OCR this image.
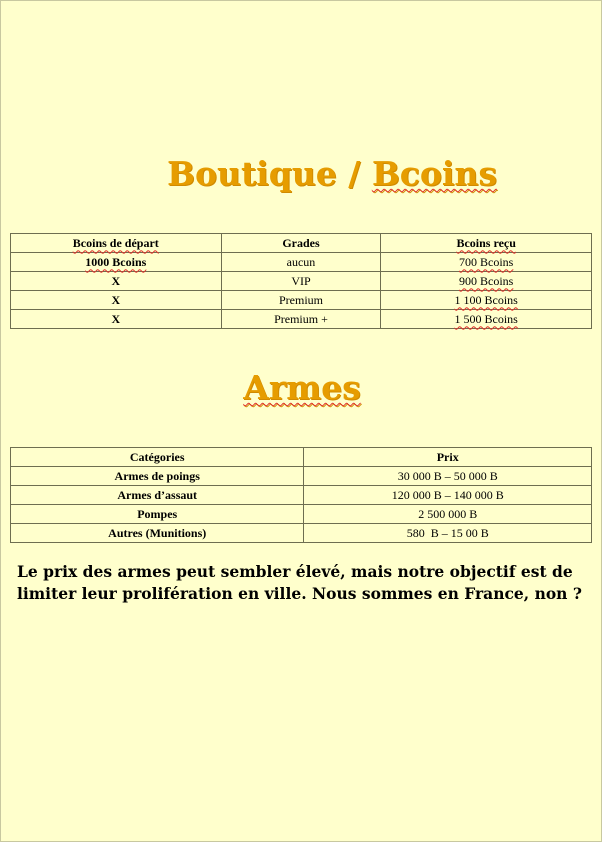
Boutique / Bcoins
Bcoins de départ	Grades	Bcoins reçu
1000 Bcoins	aucun	700 Bcoins
X	VIP	900 Bcoins
X	Premium	1 100 Bcoins
X	Premium +	1 500 Bcoins
Armes
Catégories	Prix
Armes de poings	30 000 B – 50 000 B
Armes d’assaut	120 000 B – 140 000 B
Pompes	2 500 000 B
Autres (Munitions)	580  B – 15 00 B
Le prix des armes peut sembler élevé, mais notre objectif est de limiter leur prolifération en ville. Nous sommes en France, non ?
